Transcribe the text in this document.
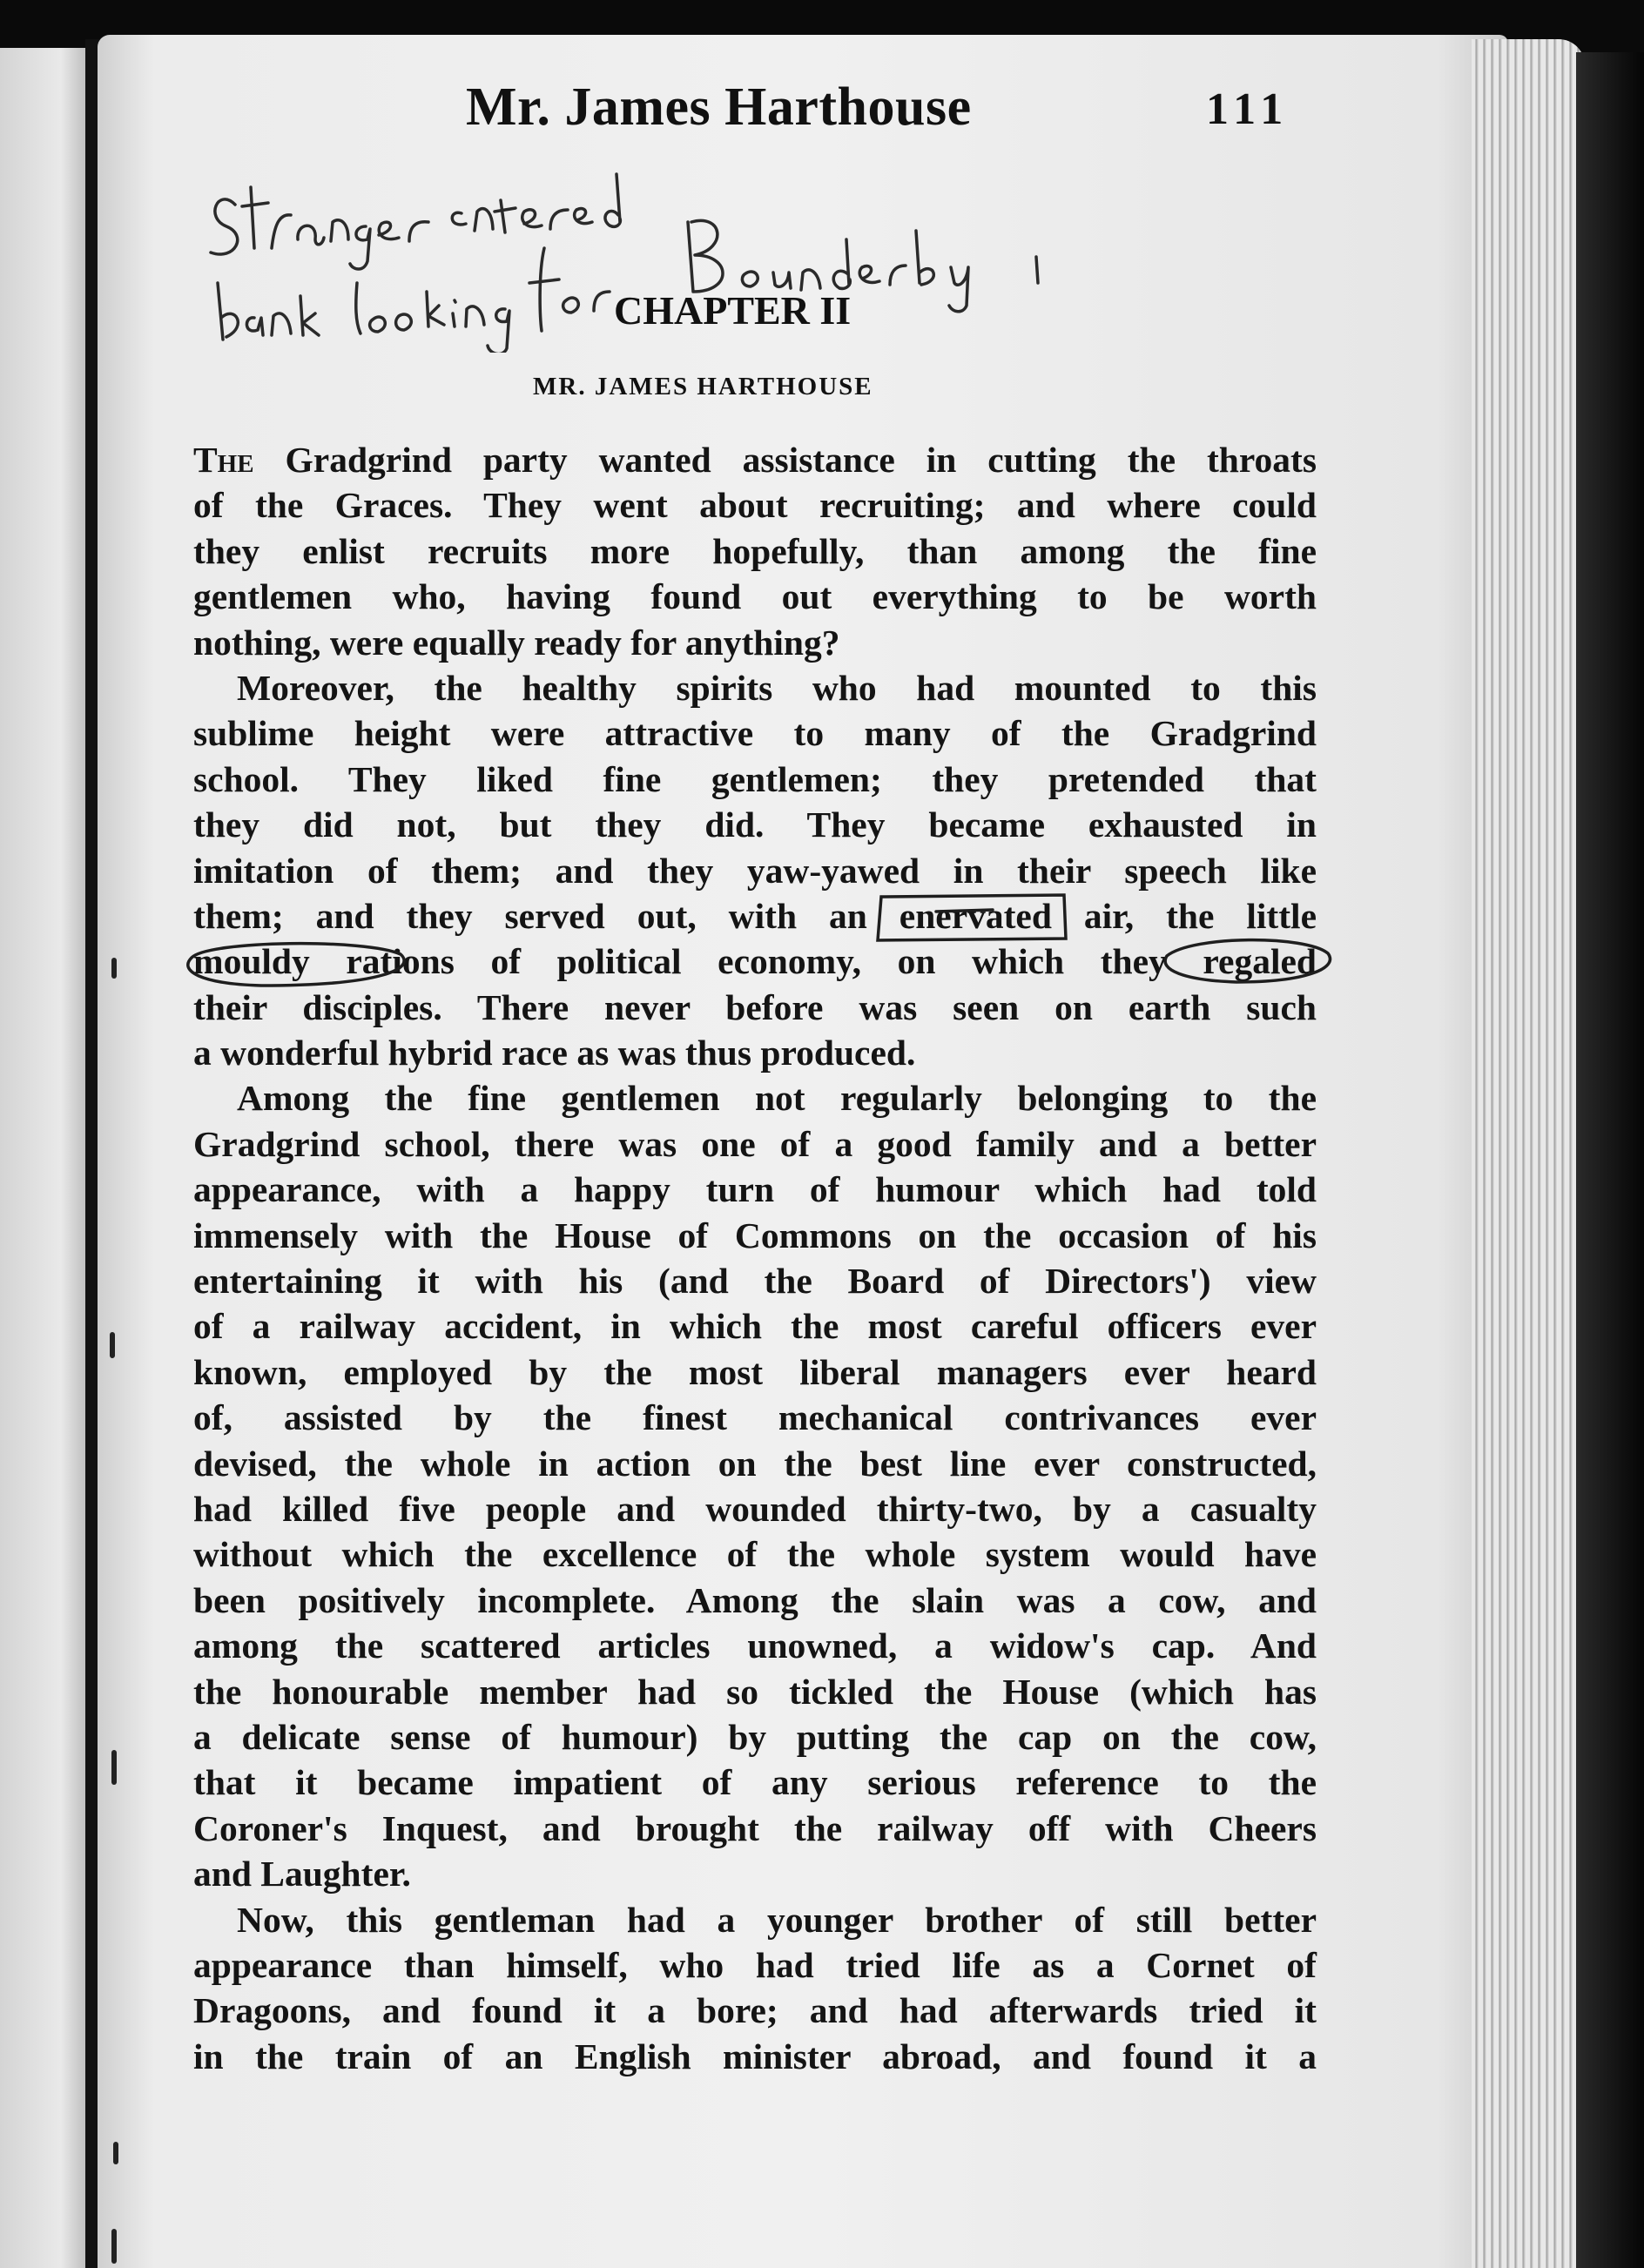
Mr. James Harthouse	111
CHAPTER II
MR. JAMES HARTHOUSE
The Gradgrind party wanted assistance in cutting the throats
of the Graces. They went about recruiting; and where could
they enlist recruits more hopefully, than among the fine
gentlemen who, having found out everything to be worth
nothing, were equally ready for anything?
Moreover, the healthy spirits who had mounted to this
sublime height were attractive to many of the Gradgrind
school. They liked fine gentlemen; they pretended that
they did not, but they did. They became exhausted in
imitation of them; and they yaw-yawed in their speech like
them; and they served out, with an enervated air, the little
mouldy rations of political economy, on which they regaled
their disciples. There never before was seen on earth such
a wonderful hybrid race as was thus produced.
Among the fine gentlemen not regularly belonging to the
Gradgrind school, there was one of a good family and a better
appearance, with a happy turn of humour which had told
immensely with the House of Commons on the occasion of his
entertaining it with his (and the Board of Directors') view
of a railway accident, in which the most careful officers ever
known, employed by the most liberal managers ever heard
of, assisted by the finest mechanical contrivances ever
devised, the whole in action on the best line ever constructed,
had killed five people and wounded thirty-two, by a casualty
without which the excellence of the whole system would have
been positively incomplete. Among the slain was a cow, and
among the scattered articles unowned, a widow's cap. And
the honourable member had so tickled the House (which has
a delicate sense of humour) by putting the cap on the cow,
that it became impatient of any serious reference to the
Coroner's Inquest, and brought the railway off with Cheers
and Laughter.
Now, this gentleman had a younger brother of still better
appearance than himself, who had tried life as a Cornet of
Dragoons, and found it a bore; and had afterwards tried it
in the train of an English minister abroad, and found it a
